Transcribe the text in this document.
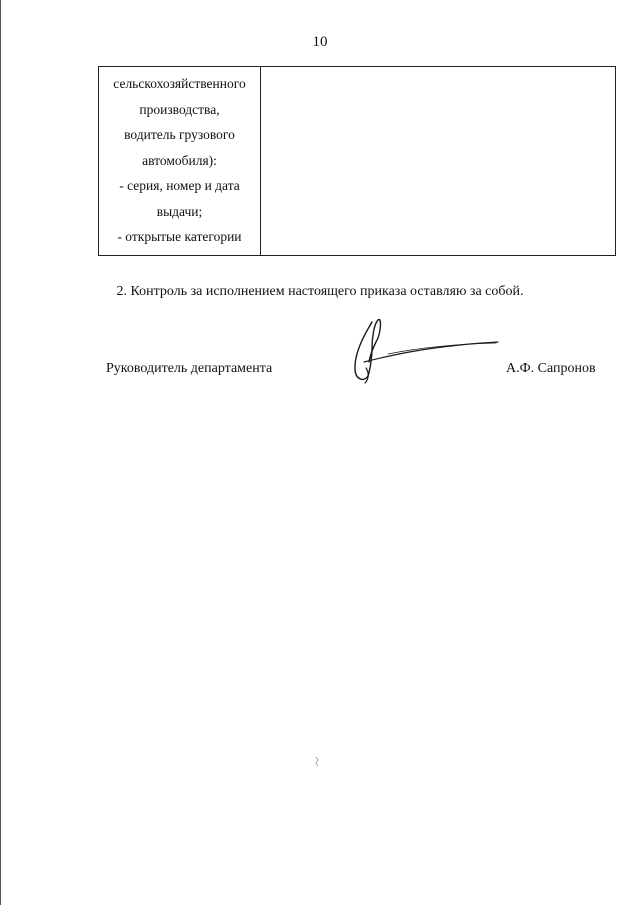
10
сельскохозяйственного
производства,
водитель грузового
автомобиля):
- серия, номер и дата
выдачи;
- открытые категории
2. Контроль за исполнением настоящего приказа оставляю за собой.
Руководитель департамента	А.Ф. Сапронов
